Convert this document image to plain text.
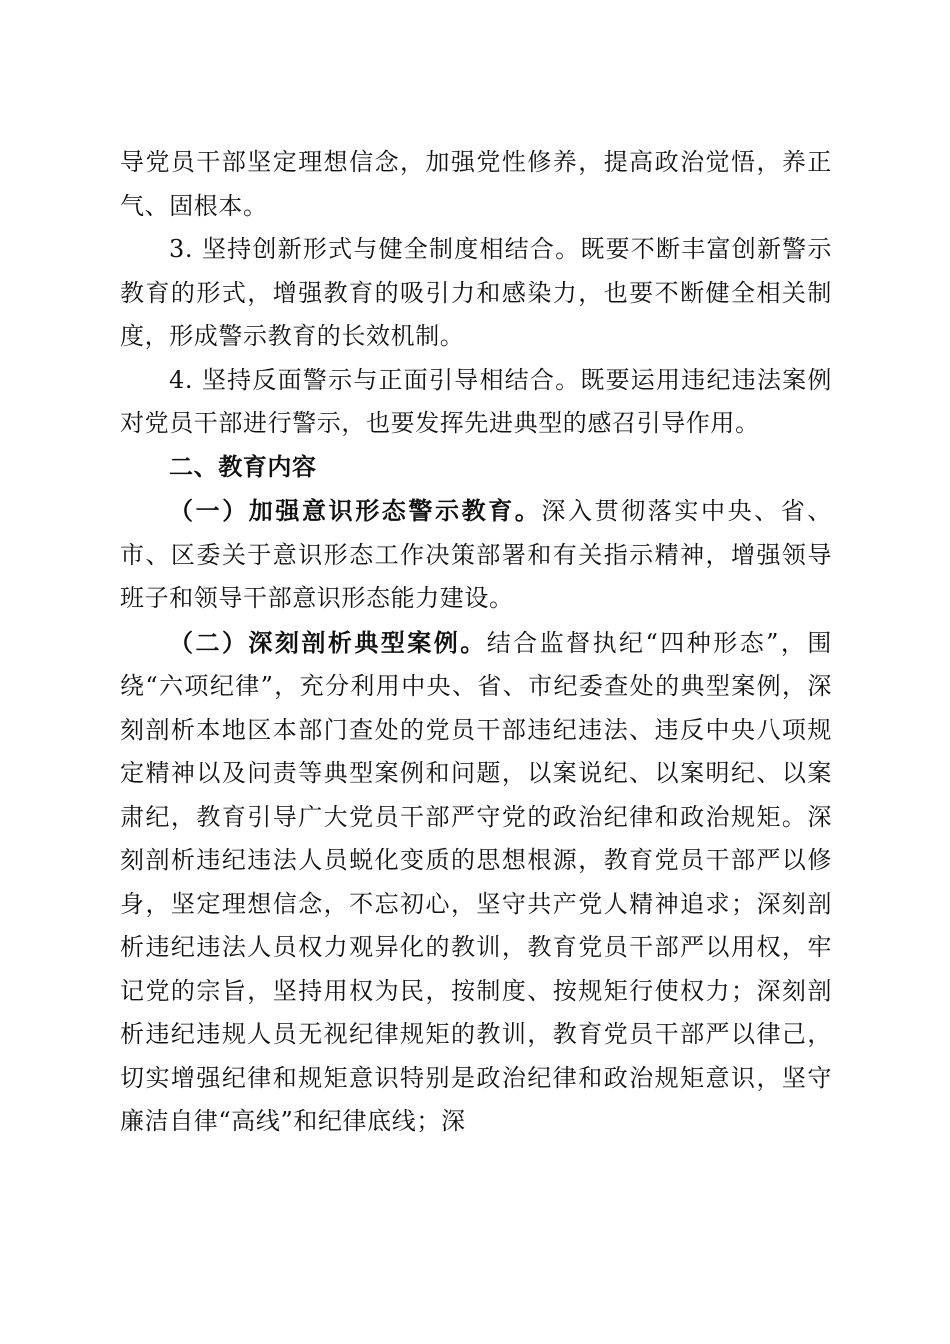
导党员干部坚定理想信念，加强党性修养，提高政治觉悟，养正气、固根本。

3. 坚持创新形式与健全制度相结合。既要不断丰富创新警示教育的形式，增强教育的吸引力和感染力，也要不断健全相关制度，形成警示教育的长效机制。

4. 坚持反面警示与正面引导相结合。既要运用违纪违法案例对党员干部进行警示，也要发挥先进典型的感召引导作用。

二、教育内容

（一）加强意识形态警示教育。深入贯彻落实中央、省、市、区委关于意识形态工作决策部署和有关指示精神，增强领导班子和领导干部意识形态能力建设。

（二）深刻剖析典型案例。结合监督执纪“四种形态”，围绕“六项纪律”，充分利用中央、省、市纪委查处的典型案例，深刻剖析本地区本部门查处的党员干部违纪违法、违反中央八项规定精神以及问责等典型案例和问题，以案说纪、以案明纪、以案肃纪，教育引导广大党员干部严守党的政治纪律和政治规矩。深刻剖析违纪违法人员蜕化变质的思想根源，教育党员干部严以修身，坚定理想信念，不忘初心，坚守共产党人精神追求；深刻剖析违纪违法人员权力观异化的教训，教育党员干部严以用权，牢记党的宗旨，坚持用权为民，按制度、按规矩行使权力；深刻剖析违纪违规人员无视纪律规矩的教训，教育党员干部严以律己，切实增强纪律和规矩意识特别是政治纪律和政治规矩意识，坚守廉洁自律“高线”和纪律底线；深
